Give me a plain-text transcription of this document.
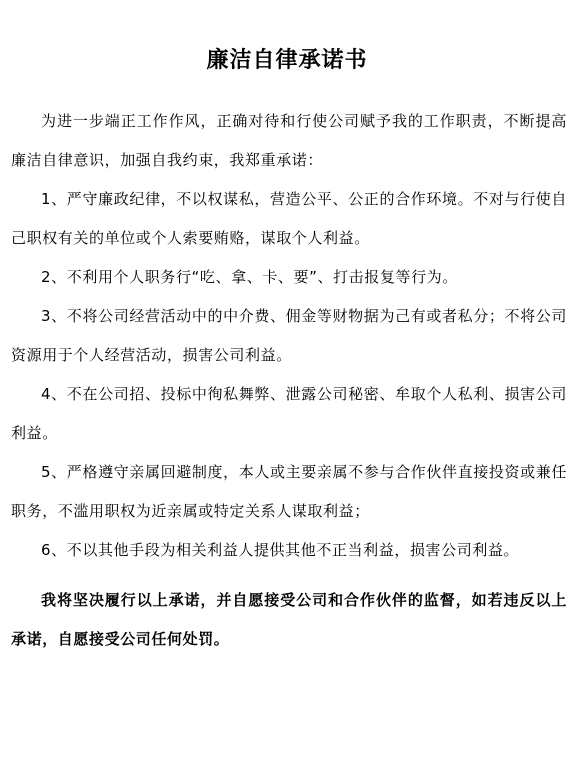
廉洁自律承诺书

为进一步端正工作作风，正确对待和行使公司赋予我的工作职责，不断提高廉洁自律意识，加强自我约束，我郑重承诺：

1、严守廉政纪律，不以权谋私，营造公平、公正的合作环境。不对与行使自己职权有关的单位或个人索要贿赂，谋取个人利益。

2、不利用个人职务行“吃、拿、卡、要”、打击报复等行为。

3、不将公司经营活动中的中介费、佣金等财物据为己有或者私分；不将公司资源用于个人经营活动，损害公司利益。

4、不在公司招、投标中徇私舞弊、泄露公司秘密、牟取个人私利、损害公司利益。

5、严格遵守亲属回避制度，本人或主要亲属不参与合作伙伴直接投资或兼任职务，不滥用职权为近亲属或特定关系人谋取利益；

6、不以其他手段为相关利益人提供其他不正当利益，损害公司利益。

我将坚决履行以上承诺，并自愿接受公司和合作伙伴的监督，如若违反以上承诺，自愿接受公司任何处罚。
